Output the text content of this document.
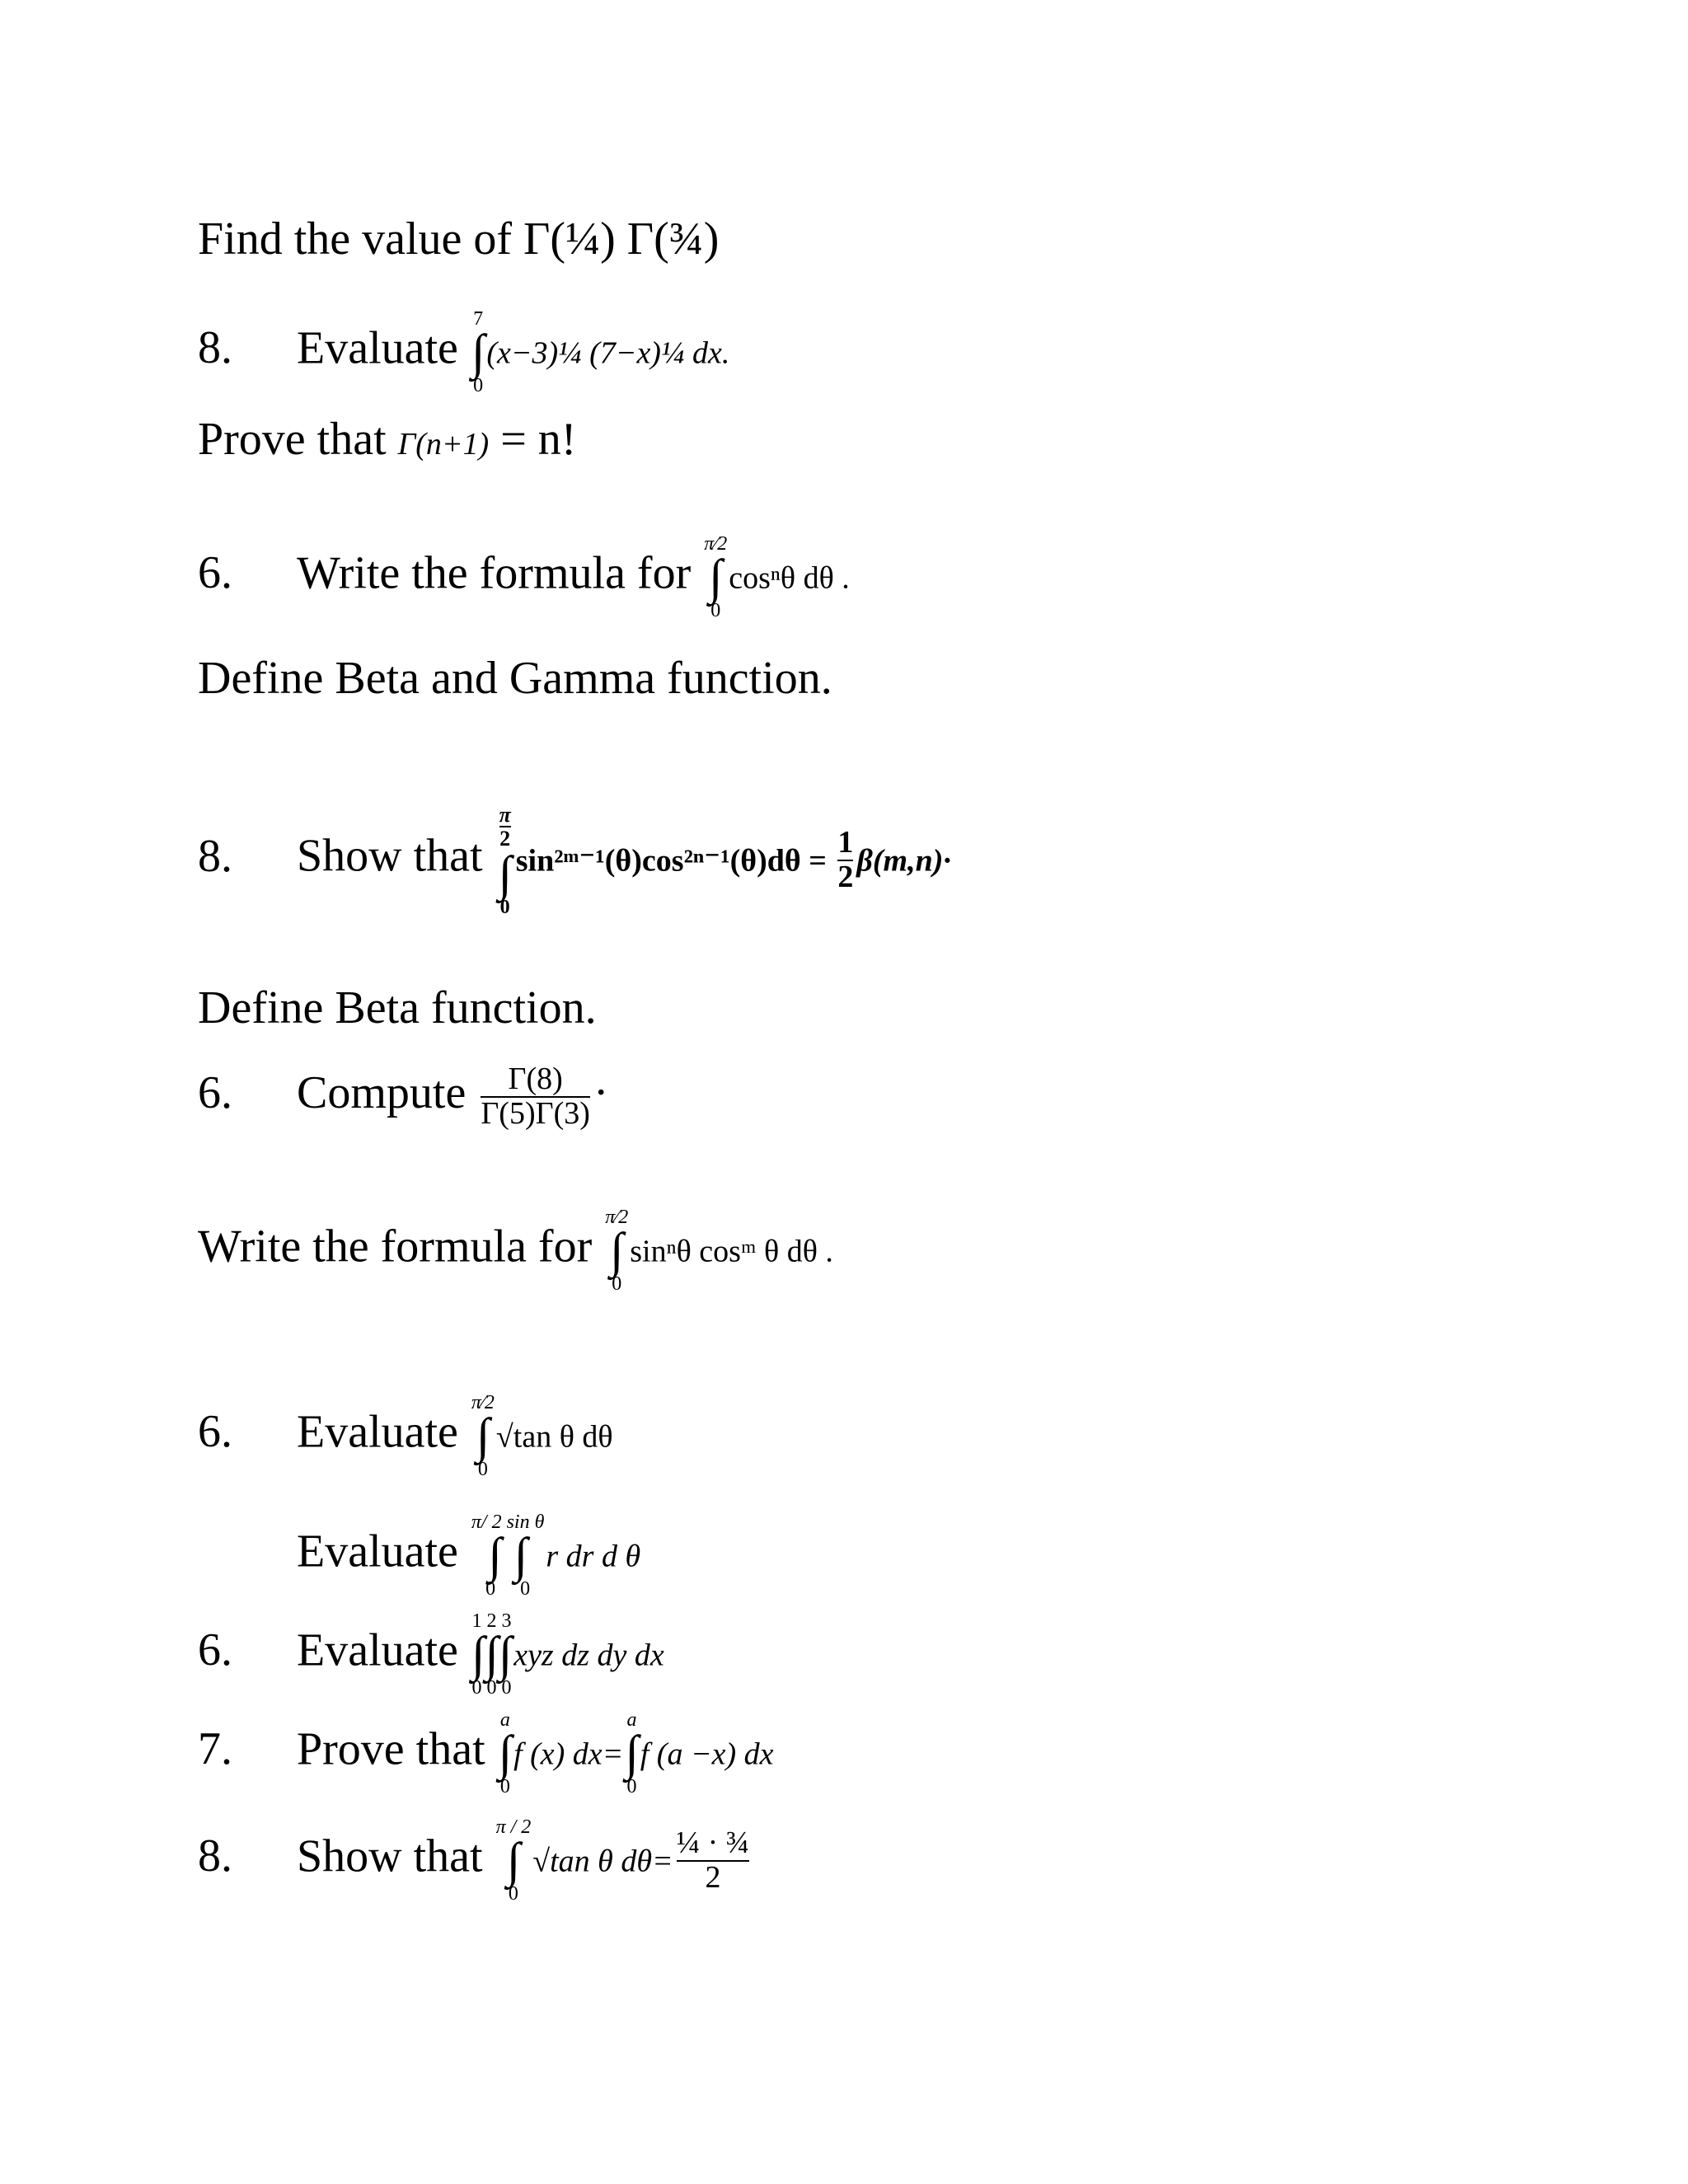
Find the value of Γ(¼) Γ(¾)
8. Evaluate
7
∫
0
(x−3)¼ (7−x)¼ dx.
Prove that Γ(n+1) = n!
6. Write the formula for
π⁄2
∫
0
cosⁿθ dθ .
Define Beta and Gamma function.
8. Show that
$\frac{\pi}{2}$
∫
0
sin²ᵐ⁻¹(θ)cos²ⁿ⁻¹(θ)dθ = $\frac{1}{2} \beta(m,n)\cdot$
Define Beta function.
6. Compute $\frac{\Gamma(8)}{\Gamma(5)\Gamma(3)}$ ·
Write the formula for
π⁄2
∫
0
sinⁿθ cosᵐ θ dθ .
6. Evaluate
π⁄2
∫
0
√tan θ dθ
Evaluate
π/ 2 sin θ
∫ ∫
0     0
r dr d θ
6. Evaluate
1 2 3
∫∫∫
0 0 0
xyz dz dy dx
7. Prove that
a
∫
0
f (x) dx=
a
∫
0
f (a −x) dx
8. Show that
π / 2
∫
0
√tan θ $d\theta= \frac{\text{¼ · ¾}}{2}$
